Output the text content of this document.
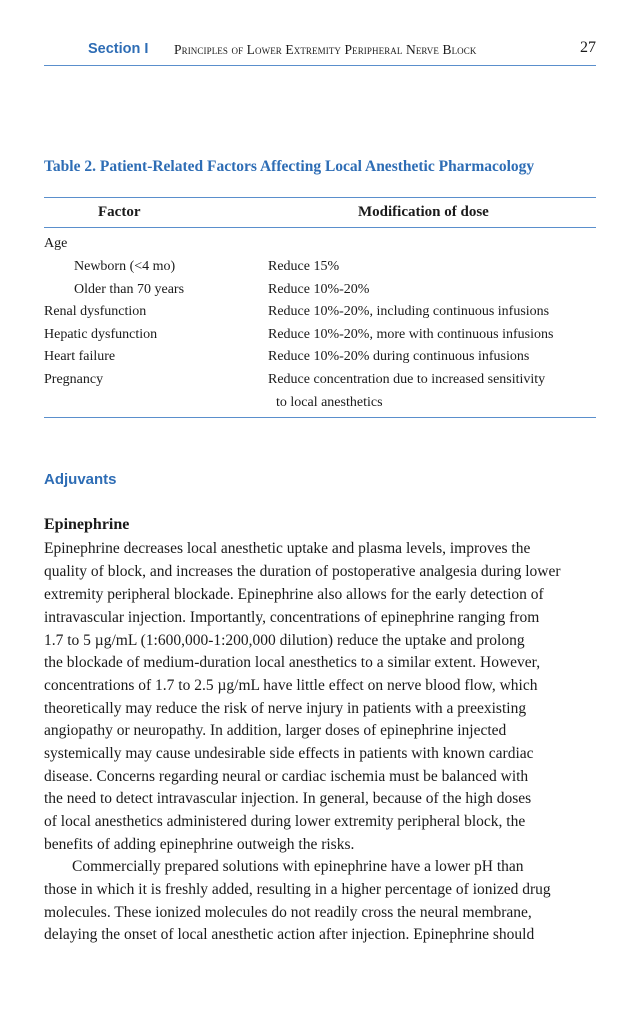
Section I Principles of Lower Extremity Peripheral Nerve Block	27
Table 2. Patient-Related Factors Affecting Local Anesthetic Pharmacology
Factor	Modification of dose
Age
Newborn (<4 mo)	Reduce 15%
Older than 70 years	Reduce 10%-20%
Renal dysfunction	Reduce 10%-20%, including continuous infusions
Hepatic dysfunction	Reduce 10%-20%, more with continuous infusions
Heart failure	Reduce 10%-20% during continuous infusions
Pregnancy	Reduce concentration due to increased sensitivity
to local anesthetics
Adjuvants
Epinephrine
Epinephrine decreases local anesthetic uptake and plasma levels, improves the
quality of block, and increases the duration of postoperative analgesia during lower
extremity peripheral blockade. Epinephrine also allows for the early detection of
intravascular injection. Importantly, concentrations of epinephrine ranging from
1.7 to 5 µg/mL (1:600,000-1:200,000 dilution) reduce the uptake and prolong
the blockade of medium-duration local anesthetics to a similar extent. However,
concentrations of 1.7 to 2.5 µg/mL have little effect on nerve blood flow, which
theoretically may reduce the risk of nerve injury in patients with a preexisting
angiopathy or neuropathy. In addition, larger doses of epinephrine injected
systemically may cause undesirable side effects in patients with known cardiac
disease. Concerns regarding neural or cardiac ischemia must be balanced with
the need to detect intravascular injection. In general, because of the high doses
of local anesthetics administered during lower extremity peripheral block, the
benefits of adding epinephrine outweigh the risks.
Commercially prepared solutions with epinephrine have a lower pH than
those in which it is freshly added, resulting in a higher percentage of ionized drug
molecules. These ionized molecules do not readily cross the neural membrane,
delaying the onset of local anesthetic action after injection. Epinephrine should
